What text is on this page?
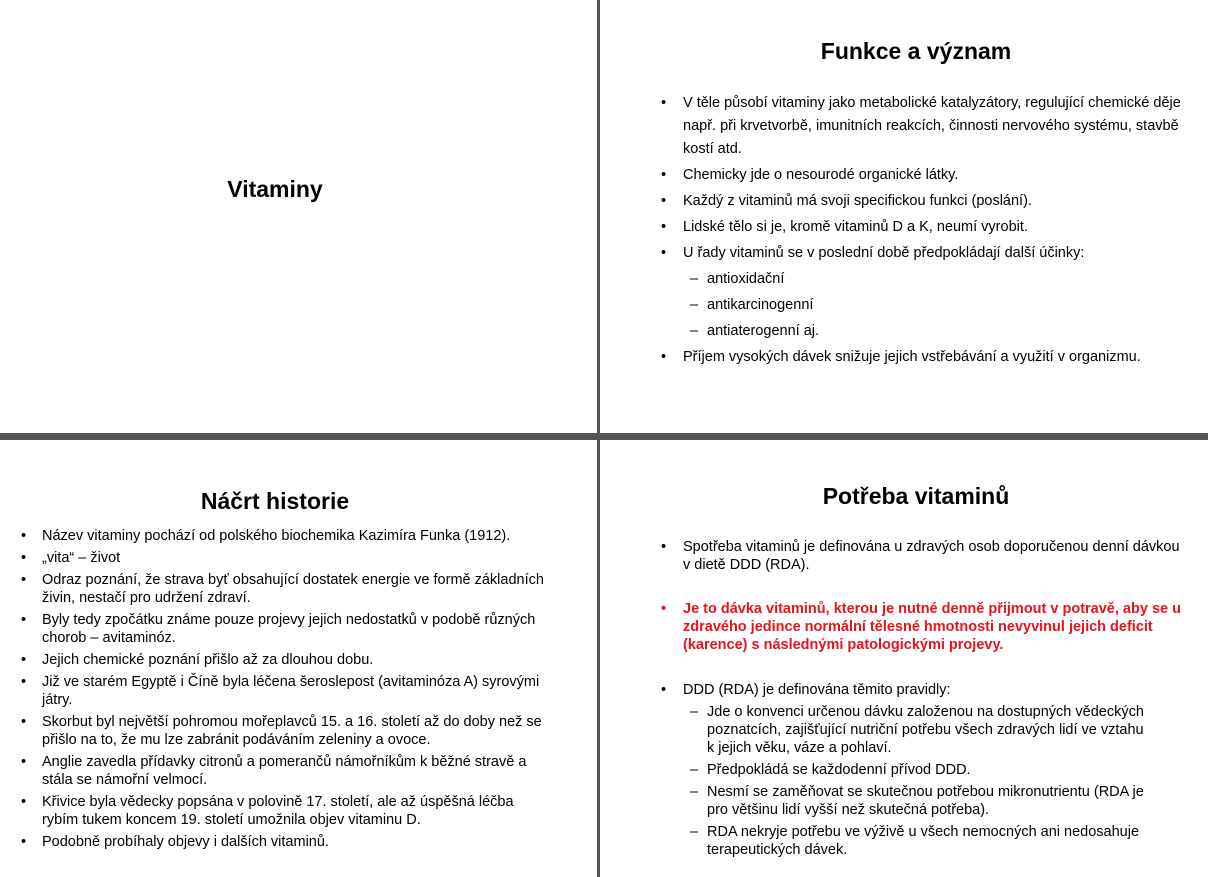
Vitaminy
Funkce a význam
• V těle působí vitaminy jako metabolické katalyzátory, regulující chemické děje např. při krvetvorbě, imunitních reakcích, činnosti nervového systému, stavbě kostí atd.
• Chemicky jde o nesourodé organické látky.
• Každý z vitaminů má svoji specifickou funkci (poslání).
• Lidské tělo si je, kromě vitaminů D a K, neumí vyrobit.
• U řady vitaminů se v poslední době předpokládají další účinky:
– antioxidační
– antikarcinogenní
– antiaterogenní aj.
• Příjem vysokých dávek snižuje jejich vstřebávání a využití v organizmu.
Náčrt historie
• Název vitaminy pochází od polského biochemika Kazimíra Funka (1912).
• „vita“ – život
• Odraz poznání, že strava byť obsahující dostatek energie ve formě základních živin, nestačí pro udržení zdraví.
• Byly tedy zpočátku známe pouze projevy jejich nedostatků v podobě různých chorob – avitaminóz.
• Jejich chemické poznání přišlo až za dlouhou dobu.
• Již ve starém Egyptě i Číně byla léčena šeroslepost (avitaminóza A) syrovými játry.
• Skorbut byl největší pohromou mořeplavců 15. a 16. století až do doby než se přišlo na to, že mu lze zabránit podáváním zeleniny a ovoce.
• Anglie zavedla přídavky citronů a pomerančů námořníkům k běžné stravě a stála se námořní velmocí.
• Křivice byla vědecky popsána v polovině 17. století, ale až úspěšná léčba rybím tukem koncem 19. století umožnila objev vitaminu D.
• Podobně probíhaly objevy i dalších vitaminů.
Potřeba vitaminů
• Spotřeba vitaminů je definována u zdravých osob doporučenou denní dávkou v dietě DDD (RDA).
• Je to dávka vitaminů, kterou je nutné denně přijmout v potravě, aby se u zdravého jedince normální tělesné hmotnosti nevyvinul jejich deficit (karence) s následnými patologickými projevy.
• DDD (RDA) je definována těmito pravidly:
– Jde o konvenci určenou dávku založenou na dostupných vědeckých poznatcích, zajišťující nutriční potřebu všech zdravých lidí ve vztahu k jejich věku, váze a pohlaví.
– Předpokládá se každodenní přívod DDD.
– Nesmí se zaměňovat se skutečnou potřebou mikronutrientu (RDA je pro většinu lidí vyšší než skutečná potřeba).
– RDA nekryje potřebu ve výživě u všech nemocných ani nedosahuje terapeutických dávek.
